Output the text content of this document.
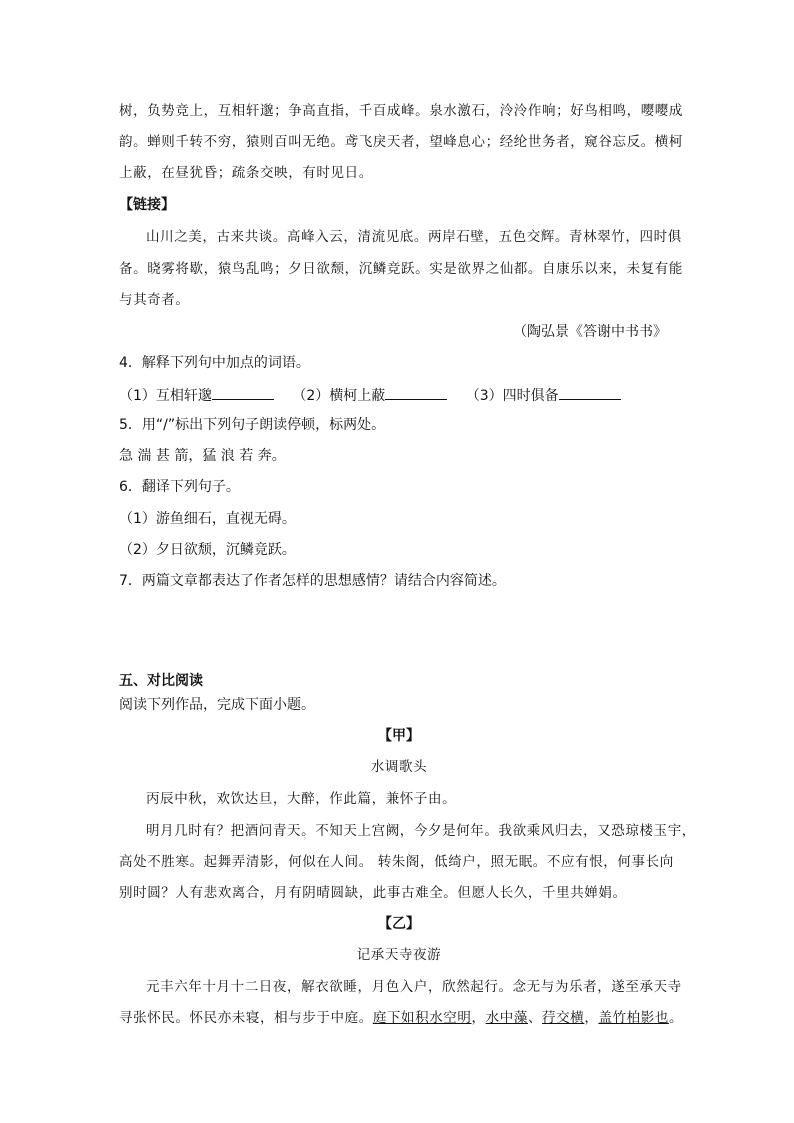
树，负势竞上，互相轩邈；争高直指，千百成峰。泉水激石，泠泠作响；好鸟相鸣，嘤嘤成
韵。蝉则千转不穷，猿则百叫无绝。鸢飞戾天者，望峰息心；经纶世务者，窥谷忘反。横柯
上蔽，在昼犹昏；疏条交映，有时见日。
【链接】
山川之美，古来共谈。高峰入云，清流见底。两岸石壁，五色交辉。青林翠竹，四时俱
备。晓雾将歇，猿鸟乱鸣；夕日欲颓，沉鳞竞跃。实是欲界之仙都。自康乐以来，未复有能
与其奇者。
（陶弘景《答谢中书书》
4．解释下列句中加点的词语。
（1）互相轩邈	（2）横柯上蔽	（3）四时俱备
5．用“/”标出下列句子朗读停顿，标两处。
急 湍 甚 箭，猛 浪 若 奔。
6．翻译下列句子。
（1）游鱼细石，直视无碍。
（2）夕日欲颓，沉鳞竞跃。
7．两篇文章都表达了作者怎样的思想感情？请结合内容简述。
五、对比阅读
阅读下列作品，完成下面小题。
【甲】
水调歌头
丙辰中秋，欢饮达旦，大醉，作此篇，兼怀子由。
明月几时有？把酒问青天。不知天上宫阙，今夕是何年。我欲乘风归去，又恐琼楼玉宇，
高处不胜寒。起舞弄清影，何似在人间。 转朱阁，低绮户，照无眠。不应有恨，何事长向
别时圆？人有悲欢离合，月有阴晴圆缺，此事古难全。但愿人长久，千里共婵娟。
【乙】
记承天寺夜游
元丰六年十月十二日夜，解衣欲睡，月色入户，欣然起行。念无与为乐者，遂至承天寺
寻张怀民。怀民亦未寝，相与步于中庭。庭下如积水空明，水中藻、荇交横，盖竹柏影也。
